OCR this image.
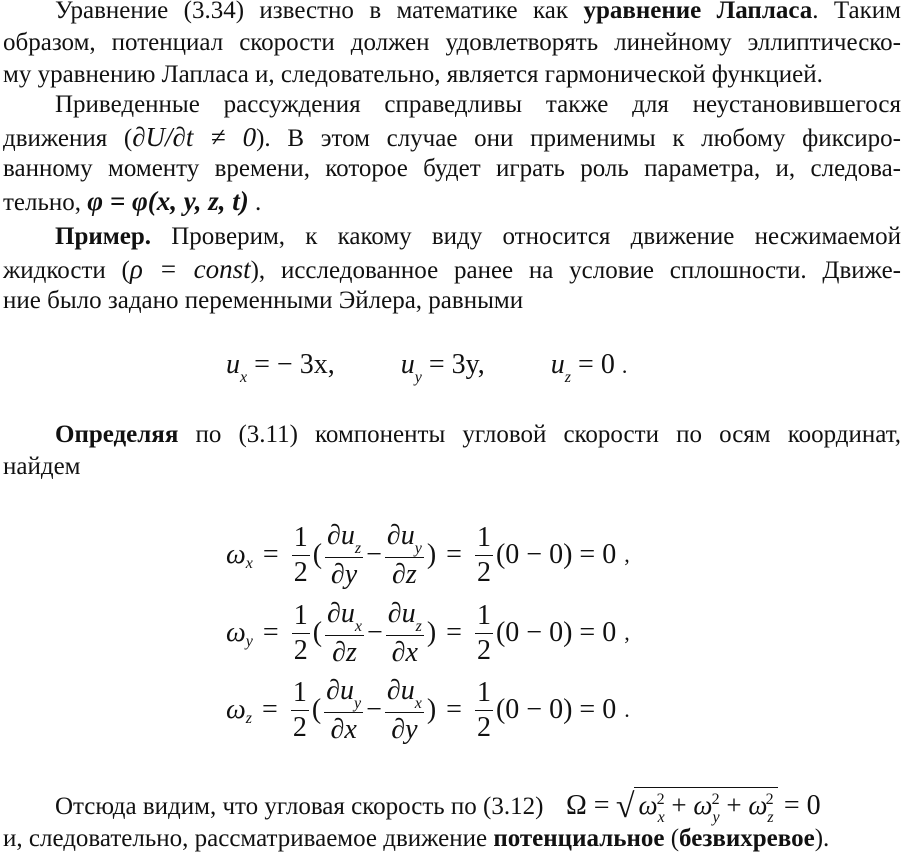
Уравнение (3.34) известно в математике как уравнение Лапласа. Таким
образом, потенциал скорости должен удовлетворять линейному эллиптическо-
му уравнению Лапласа и, следовательно, является гармонической функцией.
Приведенные рассуждения справедливы также для неустановившегося
движения (∂U/∂t ≠ 0). В этом случае они применимы к любому фиксиро-
ванному моменту времени, которое будет играть роль параметра, и, следова-
тельно, φ = φ(x, y, z, t) .
Пример. Проверим, к какому виду относится движение несжимаемой
жидкости (ρ = const), исследованное ранее на условие сплошности. Движе-
ние было задано переменными Эйлера, равными
$u_x$ = − 3x, $u_y = 3y$, $u_z = 0$ .
Определяя по (3.11) компоненты угловой скорости по осям координат,
найдем
ω $x = \frac{1}{2}$ ( $\frac{\partial u_z}{\partial y} - \frac{\partial u_y}{\partial z}$ ) = $\frac{1}{2} (0 - 0) = 0$ ,
ω $y = \frac{1}{2}$ ( $\frac{\partial u_x}{\partial z} - \frac{\partial u_z}{\partial x}$ ) = $\frac{1}{2} (0 - 0) = 0$ ,
ω $z = \frac{1}{2}$ ( $\frac{\partial u_y}{\partial x} - \frac{\partial u_x}{\partial y}$ ) = $\frac{1}{2} (0 - 0) = 0$ .
Отсюда видим, что угловая скорость по (3.12) Ω = √ $\omega_x^2 + \omega_y^2 + \omega_z^2 = 0$
и, следовательно, рассматриваемое движение потенциальное (безвихревое).
